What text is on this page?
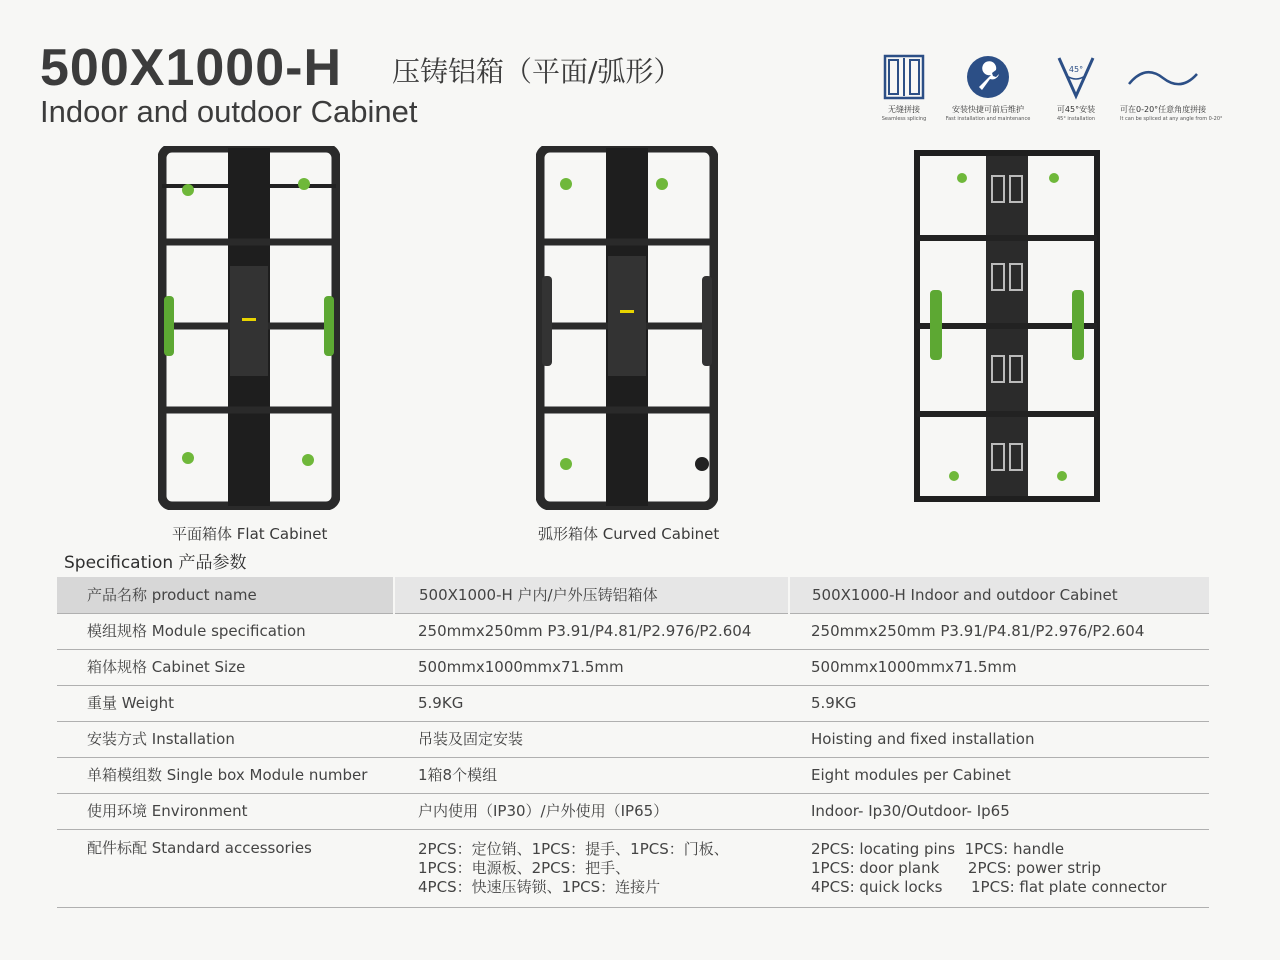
500X1000-H 压铸铝箱（平面/弧形）
Indoor and outdoor Cabinet	无缝拼接
Seamless splicing
安装快捷可前后维护
Fast installation and maintenance
45°
可45°安装
45° installation
可在0-20°任意角度拼接
It can be spliced at any angle from 0-20°
平面箱体 Flat Cabinet	弧形箱体 Curved Cabinet
Specification 产品参数
产品名称 product name	500X1000-H 户内/户外压铸铝箱体	500X1000-H Indoor and outdoor Cabinet
模组规格 Module specification	250mmx250mm P3.91/P4.81/P2.976/P2.604	250mmx250mm P3.91/P4.81/P2.976/P2.604
箱体规格 Cabinet Size	500mmx1000mmx71.5mm	500mmx1000mmx71.5mm
重量 Weight	5.9KG	5.9KG
安装方式 Installation	吊装及固定安装	Hoisting and fixed installation
单箱模组数 Single box Module number	1箱8个模组	Eight modules per Cabinet
使用环境 Environment	户内使用（IP30）/户外使用（IP65）	Indoor- Ip30/Outdoor- Ip65
配件标配 Standard accessories	2PCS：定位销、1PCS：提手、1PCS：门板、
1PCS：电源板、2PCS：把手、
4PCS：快速压铸锁、1PCS：连接片	2PCS: locating pins  1PCS: handle
1PCS: door plank      2PCS: power strip
4PCS: quick locks      1PCS: flat plate connector
